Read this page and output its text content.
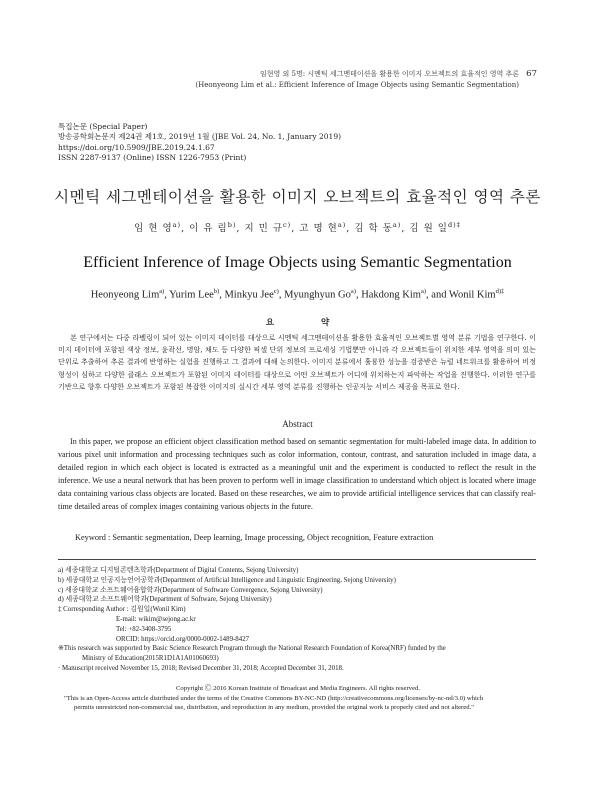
임현영 외 5명: 시멘틱 세그멘테이션을 활용한 이미지 오브젝트의 효율적인 영역 추론
(Heonyeong Lim et al.: Efficient Inference of Image Objects using Semantic Segmentation)
67
특집논문 (Special Paper)
방송공학회논문지 제24권 제1호, 2019년 1월 (JBE Vol. 24, No. 1, January 2019)
https://doi.org/10.5909/JBE.2019.24.1.67
ISSN 2287-9137 (Online) ISSN 1226-7953 (Print)
시멘틱 세그멘테이션을 활용한 이미지 오브젝트의 효율적인 영역 추론
임 현 영$^{a)}$, 이 유 림$^{b)}$, 지 민 규$^{c)}$, 고 명 현$^{a)}$, 김 학 동$^{a)}$, 김 원 일$^{d)\ddagger}$
Efficient Inference of Image Objects using Semantic Segmentation
Heonyeong Lim$^{a)}$, Yurim Lee$^{b)}$, Minkyu Jee$^{c)}$, Myunghyun Go$^{a)}$, Hakdong Kim$^{a)}$, and Wonil Kim$^{d)\ddagger}$
요 약
본 연구에서는 다중 라벨링이 되어 있는 이미지 데이터를 대상으로 시멘틱 세그멘테이션을 활용한 효율적인 오브젝트별 영역 분류 기법을 연구한다. 이미지 데이터에 포함된 색상 정보, 윤곽선, 명암, 채도 등 다양한 픽셀 단위 정보의 프로세싱 기법뿐만 아니라 각 오브젝트들이 위치한 세부 영역을 의미 있는 단위로 추출하여 추론 결과에 반영하는 실험을 진행하고 그 결과에 대해 논의한다. 이미지 분류에서 훌륭한 성능을 검증받은 뉴럴 네트워크를 활용하여 비정형성이 심하고 다양한 클래스 오브젝트가 포함된 이미지 데이터를 대상으로 어떤 오브젝트가 어디에 위치하는지 파악하는 작업을 진행한다. 이러한 연구를 기반으로 향후 다양한 오브젝트가 포함된 복잡한 이미지의 실시간 세부 영역 분류를 진행하는 인공지능 서비스 제공을 목표로 한다.
Abstract
In this paper, we propose an efficient object classification method based on semantic segmentation for multi-labeled image data. In addition to various pixel unit information and processing techniques such as color information, contour, contrast, and saturation included in image data, a detailed region in which each object is located is extracted as a meaningful unit and the experiment is conducted to reflect the result in the inference. We use a neural network that has been proven to perform well in image classification to understand which object is located where image data containing various class objects are located. Based on these researches, we aim to provide artificial intelligence services that can classify real-time detailed areas of complex images containing various objects in the future.
Keyword : Semantic segmentation, Deep learning, Image processing, Object recognition, Feature extraction
a) 세종대학교 디지털콘텐츠학과(Department of Digital Contents, Sejong University)
b) 세종대학교 인공지능언어공학과(Department of Artificial Intelligence and Linguistic Engineering, Sejong University)
c) 세종대학교 소프트웨어융합학과(Department of Software Convergence, Sejong University)
d) 세종대학교 소프트웨어학과(Department of Software, Sejong University)
‡ Corresponding Author : 김원일(Wonil Kim)
E-mail: wikim@sejong.ac.kr
Tel: +82-3408-3795
ORCID: https://orcid.org/0000-0002-1489-8427
※This research was supported by Basic Science Research Program through the National Research Foundation of Korea(NRF) funded by the
Ministry of Education(2015R1D1A1A01060693)
· Manuscript received November 15, 2018; Revised December 31, 2018; Accepted December 31, 2018.
Copyright Ⓒ 2016 Korean Institute of Broadcast and Media Engineers. All rights reserved.
"This is an Open-Access article distributed under the terms of the Creative Commons BY-NC-ND (http://creativecommons.org/licenses/by-nc-nd/3.0) which
permits unrestricted non-commercial use, distribution, and reproduction in any medium, provided the original work is properly cited and not altered."
